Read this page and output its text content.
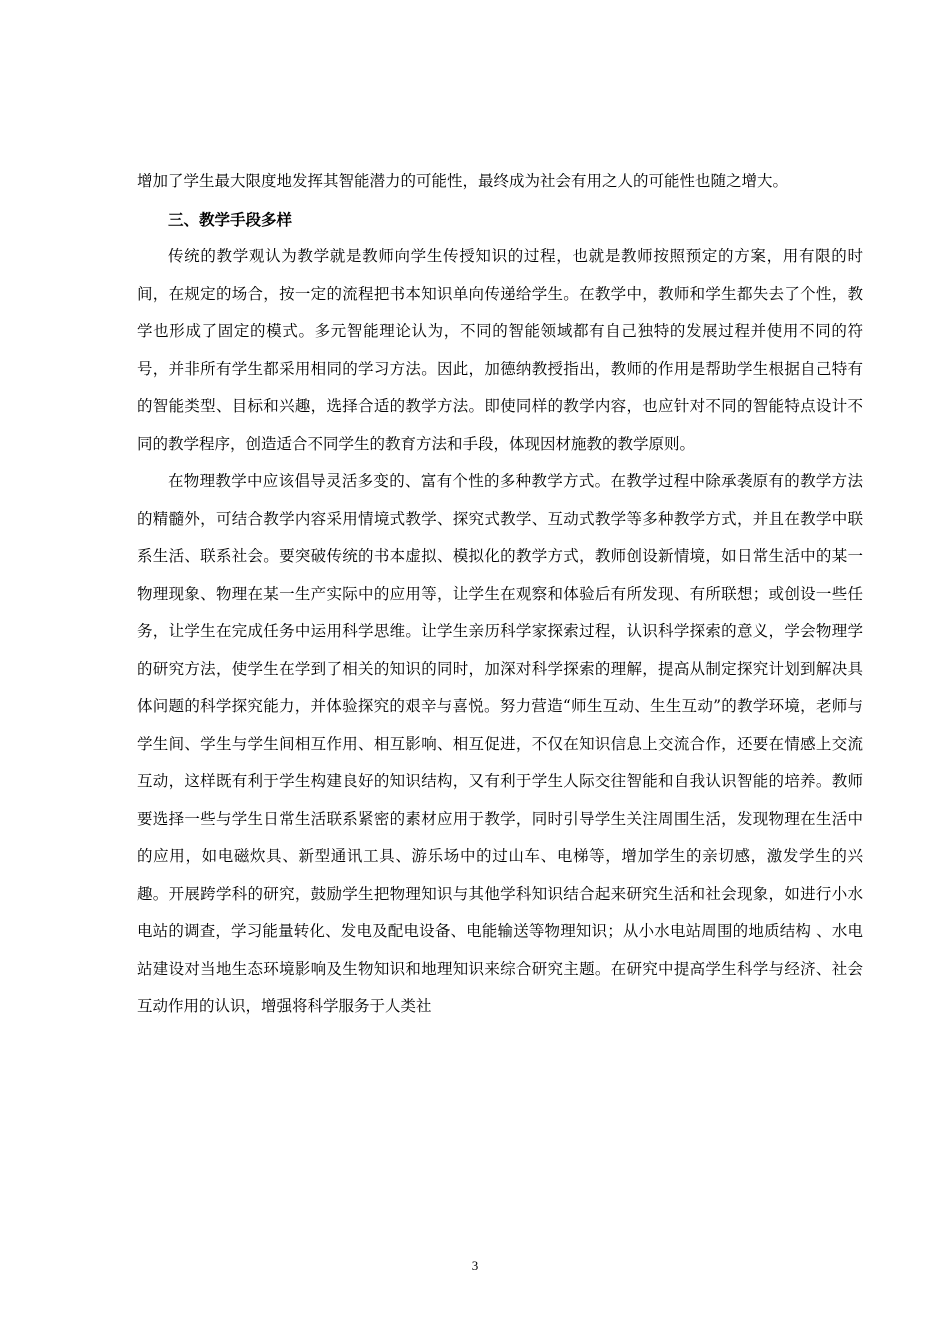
增加了学生最大限度地发挥其智能潜力的可能性，最终成为社会有用之人的可能性也随之增大。

三、教学手段多样

传统的教学观认为教学就是教师向学生传授知识的过程，也就是教师按照预定的方案，用有限的时间，在规定的场合，按一定的流程把书本知识单向传递给学生。在教学中，教师和学生都失去了个性，教学也形成了固定的模式。多元智能理论认为，不同的智能领域都有自己独特的发展过程并使用不同的符号，并非所有学生都采用相同的学习方法。因此，加德纳教授指出，教师的作用是帮助学生根据自己特有的智能类型、目标和兴趣，选择合适的教学方法。即使同样的教学内容，也应针对不同的智能特点设计不同的教学程序，创造适合不同学生的教育方法和手段，体现因材施教的教学原则。

在物理教学中应该倡导灵活多变的、富有个性的多种教学方式。在教学过程中除承袭原有的教学方法的精髓外，可结合教学内容采用情境式教学、探究式教学、互动式教学等多种教学方式，并且在教学中联系生活、联系社会。要突破传统的书本虚拟、模拟化的教学方式，教师创设新情境，如日常生活中的某一物理现象、物理在某一生产实际中的应用等，让学生在观察和体验后有所发现、有所联想；或创设一些任务，让学生在完成任务中运用科学思维。让学生亲历科学家探索过程，认识科学探索的意义，学会物理学的研究方法，使学生在学到了相关的知识的同时，加深对科学探索的理解，提高从制定探究计划到解决具体问题的科学探究能力，并体验探究的艰辛与喜悦。努力营造“师生互动、生生互动”的教学环境，老师与学生间、学生与学生间相互作用、相互影响、相互促进，不仅在知识信息上交流合作，还要在情感上交流互动，这样既有利于学生构建良好的知识结构，又有利于学生人际交往智能和自我认识智能的培养。教师要选择一些与学生日常生活联系紧密的素材应用于教学，同时引导学生关注周围生活，发现物理在生活中的应用，如电磁炊具、新型通讯工具、游乐场中的过山车、电梯等，增加学生的亲切感，激发学生的兴趣。开展跨学科的研究，鼓励学生把物理知识与其他学科知识结合起来研究生活和社会现象，如进行小水电站的调查，学习能量转化、发电及配电设备、电能输送等物理知识；从小水电站周围的地质结构 、水电站建设对当地生态环境影响及生物知识和地理知识来综合研究主题。在研究中提高学生科学与经济、社会互动作用的认识，增强将科学服务于人类社

3
